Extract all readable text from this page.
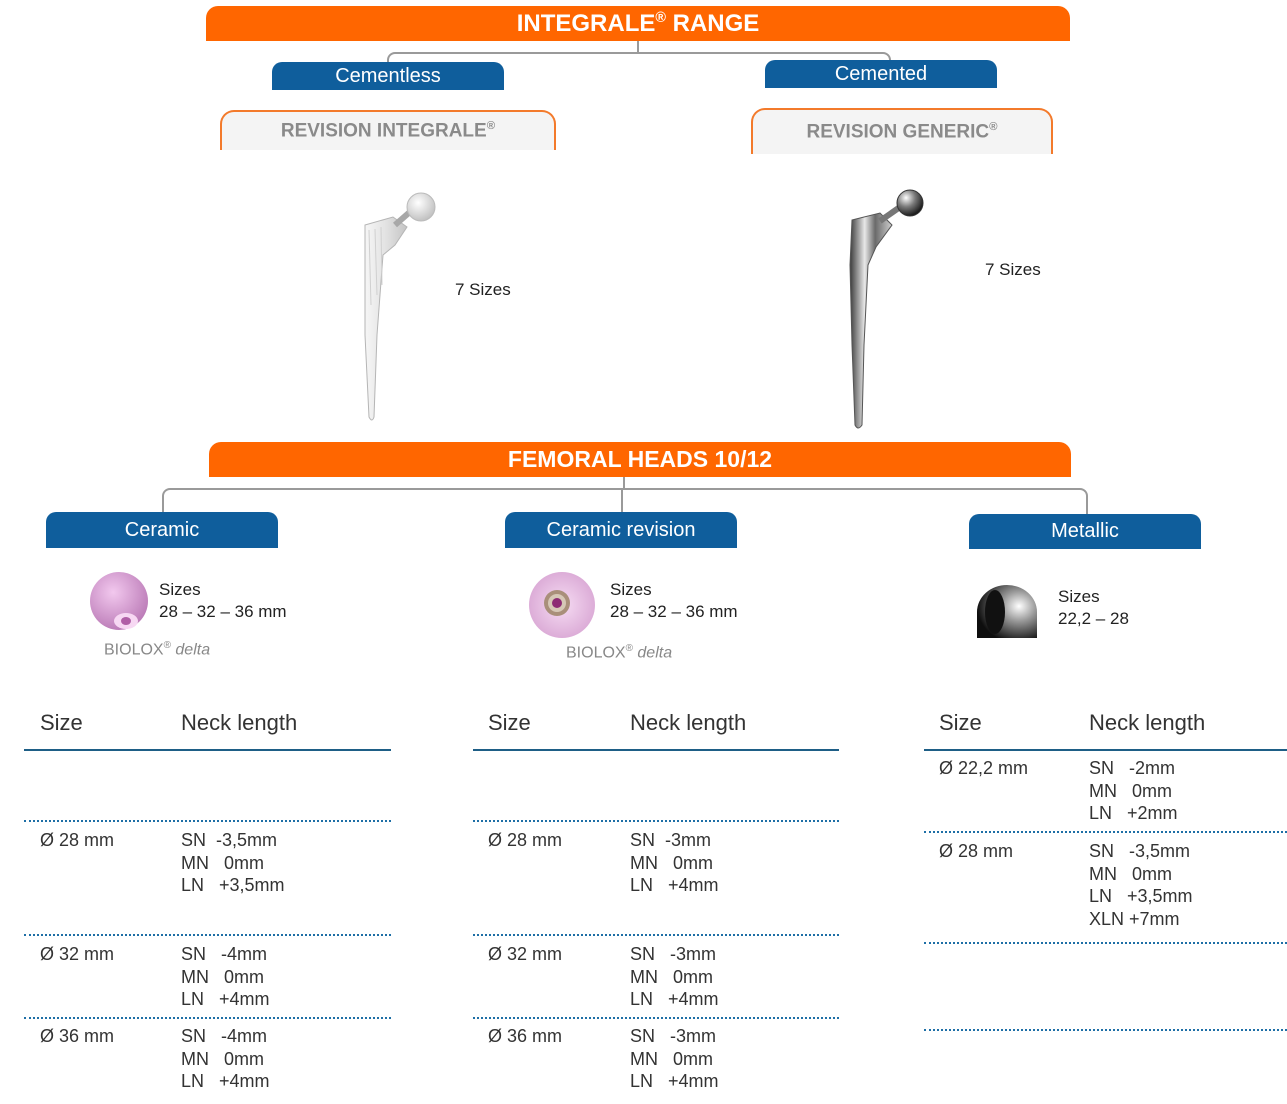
INTEGRALE® RANGE
Cementless	Cemented
REVISION INTEGRALE®	REVISION GENERIC®
7 Sizes
7 Sizes
FEMORAL HEADS 10/12
Ceramic	Ceramic revision	Metallic
Sizes
28 – 32 – 36 mm
BIOLOX® delta
Sizes
28 – 32 – 36 mm
BIOLOX® delta
Sizes
22,2 – 28
Size	Neck length
Ø 28 mm	SN  -3,5mm
MN   0mm
LN   +3,5mm
Ø 32 mm	SN   -4mm
MN   0mm
LN   +4mm
Ø 36 mm	SN   -4mm
MN   0mm
LN   +4mm
Size	Neck length
Ø 28 mm	SN  -3mm
MN   0mm
LN   +4mm
Ø 32 mm	SN   -3mm
MN   0mm
LN   +4mm
Ø 36 mm	SN   -3mm
MN   0mm
LN   +4mm
Size	Neck length
Ø 22,2 mm	SN   -2mm
MN   0mm
LN   +2mm
Ø 28 mm	SN   -3,5mm
MN   0mm
LN   +3,5mm
XLN +7mm
